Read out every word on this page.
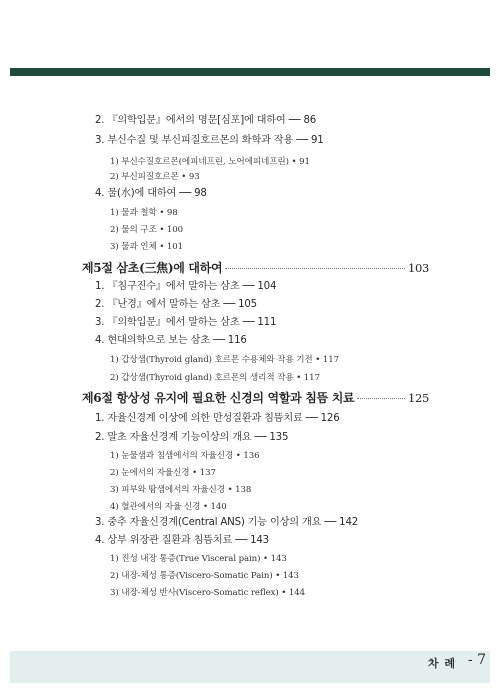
2. 『의학입문』에서의 명문[심포]에 대하여 ── 86
3. 부신수질 및 부신피질호르몬의 화학과 작용 ── 91
1) 부신수질호르몬(에피네프린, 노어에피네프린) • 91
2) 부신피질호르몬 • 93
4. 물(水)에 대하여 ── 98
1) 물과 철학 • 98
2) 물의 구조 • 100
3) 물과 인체 • 101
제5절 삼초(三焦)에 대하여	103
1. 『침구진수』에서 말하는 삼초 ── 104
2. 『난경』에서 말하는 삼초 ── 105
3. 『의학입문』에서 말하는 삼초 ── 111
4. 현대의학으로 보는 삼초 ── 116
1) 갑상샘(Thyroid gland) 호르몬 수용체와 작용 기전 • 117
2) 갑상샘(Thyroid gland) 호르몬의 생리적 작용 • 117
제6절 항상성 유지에 필요한 신경의 역할과 침뜸 치료	125
1. 자율신경계 이상에 의한 만성질환과 침뜸치료 ── 126
2. 말초 자율신경계 기능이상의 개요 ── 135
1) 눈물샘과 침샘에서의 자율신경 • 136
2) 눈에서의 자율신경 • 137
3) 피부와 땀샘에서의 자율신경 • 138
4) 혈관에서의 자율 신경 • 140
3. 중추 자율신경계(Central ANS) 기능 이상의 개요 ── 142
4. 상부 위장관 질환과 침뜸치료 ── 143
1) 진성 내장 통증(True Visceral pain) • 143
2) 내장-체성 통증(Viscero-Somatic Pain) • 143
3) 내장-체성 반사(Viscero-Somatic reflex) • 144
차 례 - 7
